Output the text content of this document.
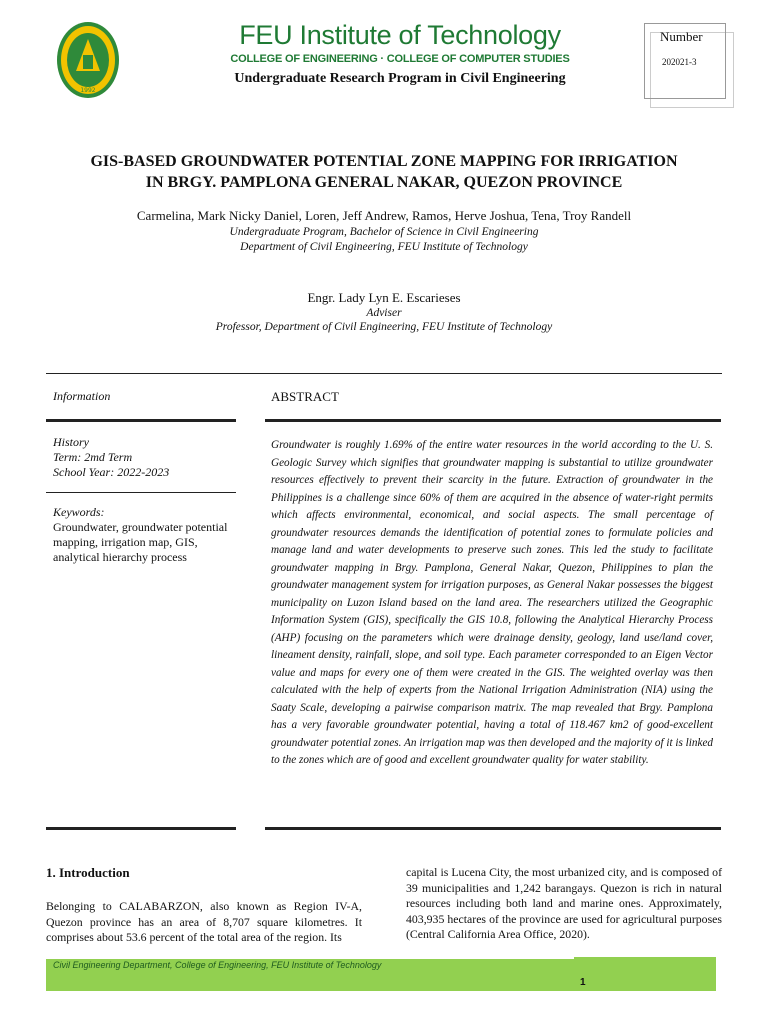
1992
FEU Institute of Technology
COLLEGE OF ENGINEERING · COLLEGE OF COMPUTER STUDIES
Undergraduate Research Program in Civil Engineering
Number
202021-3
GIS-BASED GROUNDWATER POTENTIAL ZONE MAPPING FOR IRRIGATION
IN BRGY. PAMPLONA GENERAL NAKAR, QUEZON PROVINCE
Carmelina, Mark Nicky Daniel, Loren, Jeff Andrew, Ramos, Herve Joshua, Tena, Troy Randell
Undergraduate Program, Bachelor of Science in Civil Engineering
Department of Civil Engineering, FEU Institute of Technology
Engr. Lady Lyn E. Escarieses
Adviser
Professor, Department of Civil Engineering, FEU Institute of Technology
Information
History
Term: 2md Term
School Year: 2022-2023
Keywords:
Groundwater, groundwater potential mapping, irrigation map, GIS, analytical hierarchy process
ABSTRACT
Groundwater is roughly 1.69% of the entire water resources in the world according to the U. S. Geologic Survey which signifies that groundwater mapping is substantial to utilize groundwater resources effectively to prevent their scarcity in the future. Extraction of groundwater in the Philippines is a challenge since 60% of them are acquired in the absence of water-right permits which affects environmental, economical, and social aspects. The small percentage of groundwater resources demands the identification of potential zones to formulate policies and manage land and water developments to preserve such zones. This led the study to facilitate groundwater mapping in Brgy. Pamplona, General Nakar, Quezon, Philippines to plan the groundwater management system for irrigation purposes, as General Nakar possesses the biggest municipality on Luzon Island based on the land area. The researchers utilized the Geographic Information System (GIS), specifically the GIS 10.8, following the Analytical Hierarchy Process (AHP) focusing on the parameters which were drainage density, geology, land use/land cover, lineament density, rainfall, slope, and soil type. Each parameter corresponded to an Eigen Vector value and maps for every one of them were created in the GIS. The weighted overlay was then calculated with the help of experts from the National Irrigation Administration (NIA) using the Saaty Scale, developing a pairwise comparison matrix. The map revealed that Brgy. Pamplona has a very favorable groundwater potential, having a total of 118.467 km2 of good-excellent groundwater potential zones. An irrigation map was then developed and the majority of it is linked to the zones which are of good and excellent groundwater quality for water stability.
1. Introduction
Belonging to CALABARZON, also known as Region IV-A, Quezon province has an area of 8,707 square kilometres. It comprises about 53.6 percent of the total area of the region. Its
capital is Lucena City, the most urbanized city, and is composed of 39 municipalities and 1,242 barangays. Quezon is rich in natural resources including both land and marine ones. Approximately, 403,935 hectares of the province are used for agricultural purposes (Central California Area Office, 2020).
Civil Engineering Department, College of Engineering, FEU Institute of Technology
1
